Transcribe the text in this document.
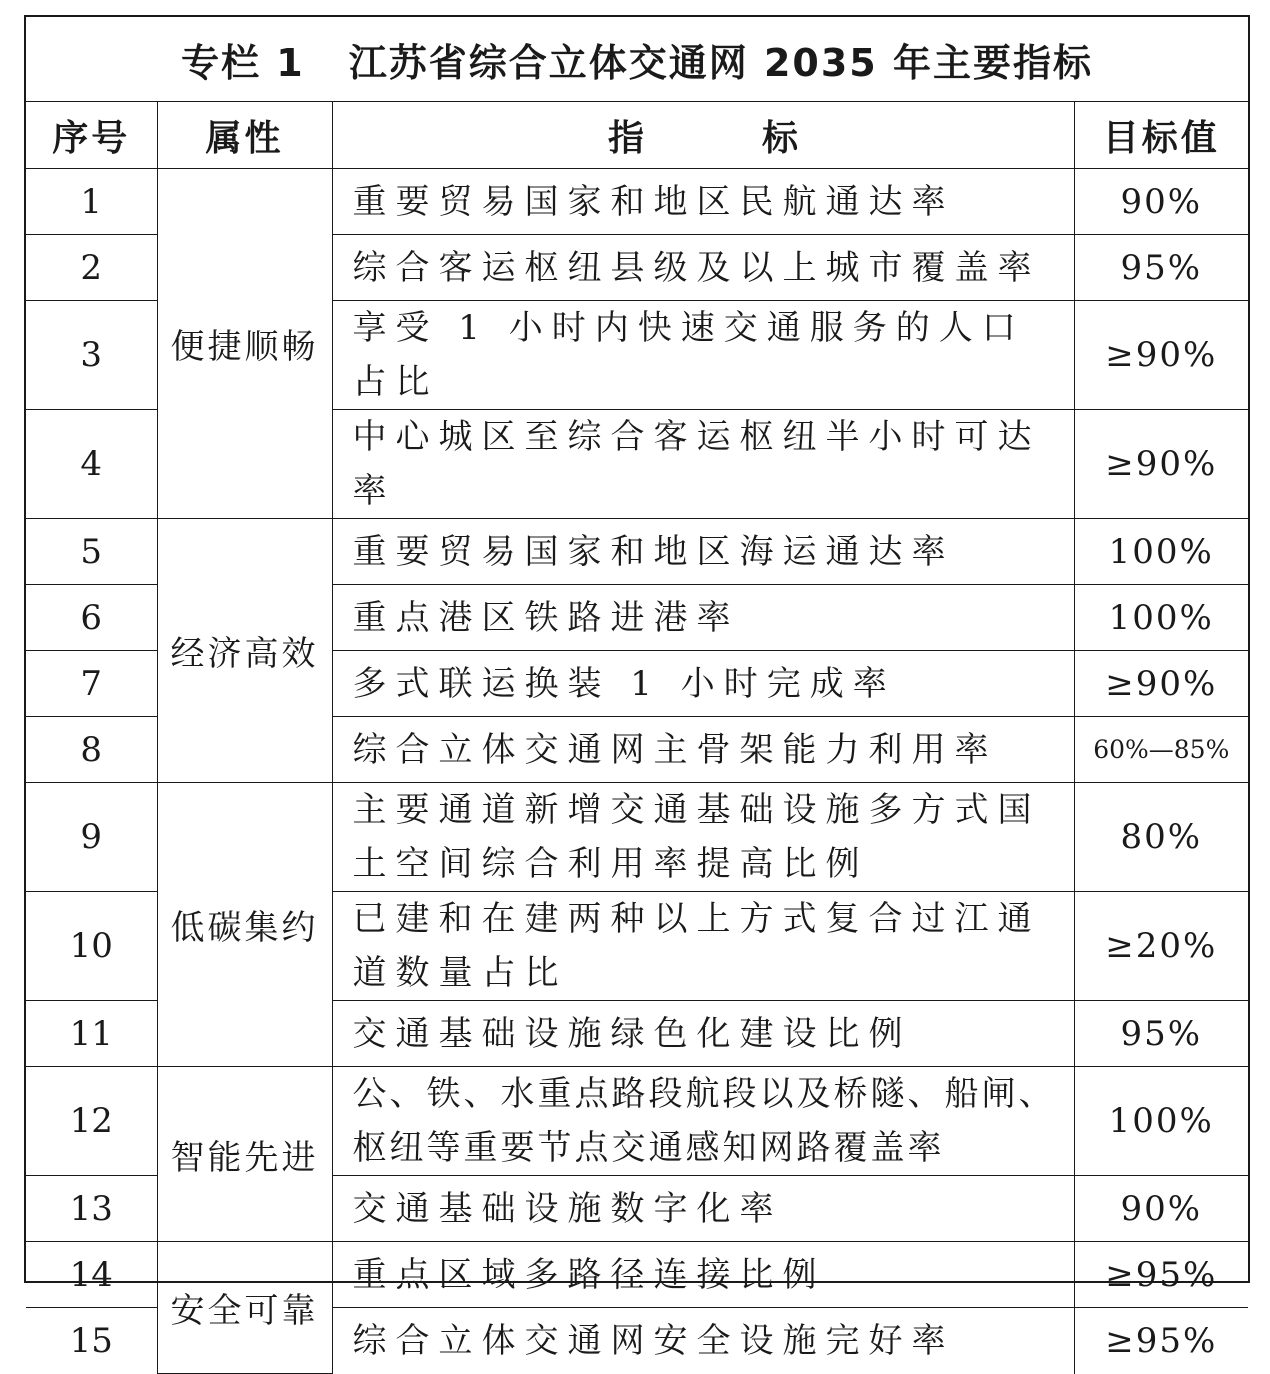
专栏 1 江苏省综合立体交通网 2035 年主要指标			
序号	属性	指标	目标值
1	便捷顺畅	重要贸易国家和地区民航通达率	90%
2		综合客运枢纽县级及以上城市覆盖率	95%
3		享受 1 小时内快速交通服务的人口占比	≥90%
4		中心城区至综合客运枢纽半小时可达率	≥90%
5	经济高效	重要贸易国家和地区海运通达率	100%
6		重点港区铁路进港率	100%
7		多式联运换装 1 小时完成率	≥90%
8		综合立体交通网主骨架能力利用率	60%—85%
9	低碳集约	主要通道新增交通基础设施多方式国土空间综合利用率提高比例	80%
10		已建和在建两种以上方式复合过江通道数量占比	≥20%
11		交通基础设施绿色化建设比例	95%
12	智能先进	公、铁、水重点路段航段以及桥隧、船闸、枢纽等重要节点交通感知网路覆盖率	100%
13		交通基础设施数字化率	90%
14	安全可靠	重点区域多路径连接比例	≥95%
15		综合立体交通网安全设施完好率	≥95%
